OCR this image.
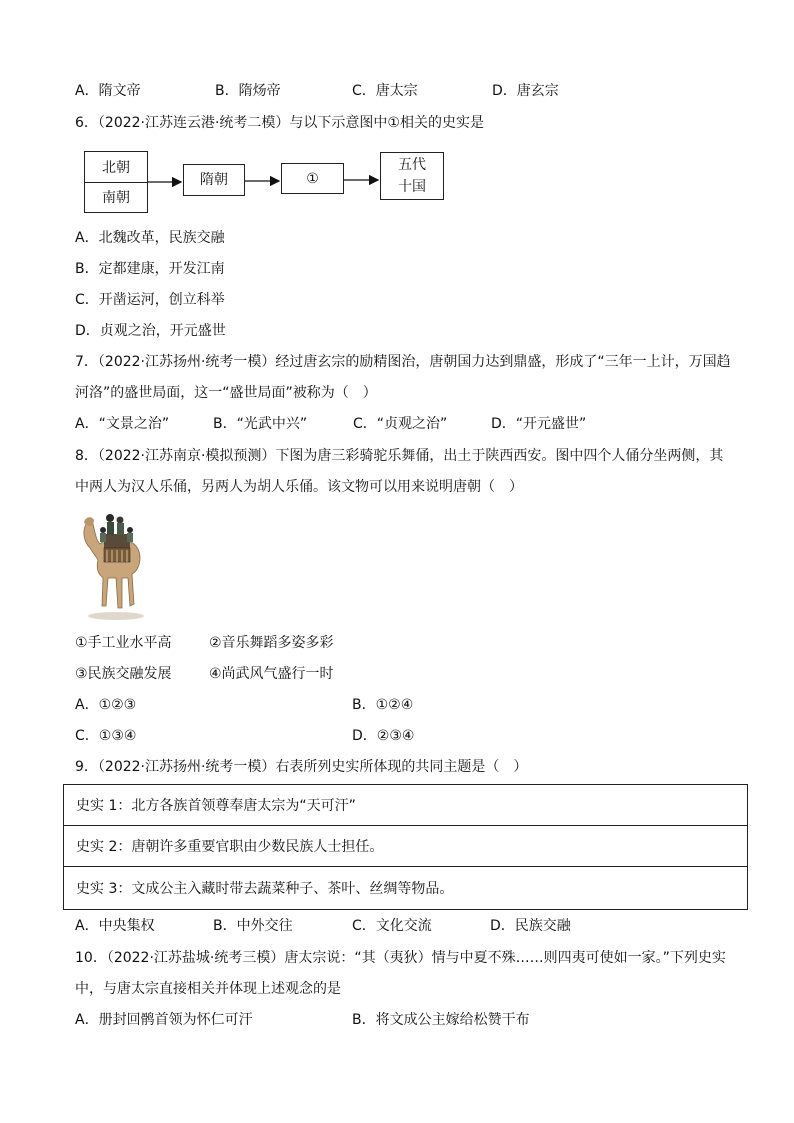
A．隋文帝	B．隋炀帝	C．唐太宗	D．唐玄宗
6．（2022·江苏连云港·统考二模）与以下示意图中①相关的史实是
北朝
南朝
隋朝	①
五代
十国
A．北魏改革，民族交融
B．定都建康，开发江南
C．开凿运河，创立科举
D．贞观之治，开元盛世
7．（2022·江苏扬州·统考一模）经过唐玄宗的励精图治，唐朝国力达到鼎盛，形成了“三年一上计，万国趋
河洛”的盛世局面，这一“盛世局面”被称为（　）
A．“文景之治”	B．“光武中兴”	C．“贞观之治”	D．“开元盛世”
8．（2022·江苏南京·模拟预测）下图为唐三彩骑驼乐舞俑，出土于陕西西安。图中四个人俑分坐两侧，其
中两人为汉人乐俑，另两人为胡人乐俑。该文物可以用来说明唐朝（　）
①手工业水平高	②音乐舞蹈多姿多彩
③民族交融发展	④尚武风气盛行一时
A．①②③	B．①②④
C．①③④	D．②③④
9．（2022·江苏扬州·统考一模）右表所列史实所体现的共同主题是（　）
史实 1：北方各族首领尊奉唐太宗为“天可汗”
史实 2：唐朝许多重要官职由少数民族人士担任。
史实 3：文成公主入藏时带去蔬菜种子、茶叶、丝绸等物品。
A．中央集权	B．中外交往	C．文化交流	D．民族交融
10．（2022·江苏盐城·统考三模）唐太宗说：“其（夷狄）情与中夏不殊……则四夷可使如一家。”下列史实
中，与唐太宗直接相关并体现上述观念的是
A．册封回鹘首领为怀仁可汗	B．将文成公主嫁给松赞干布
